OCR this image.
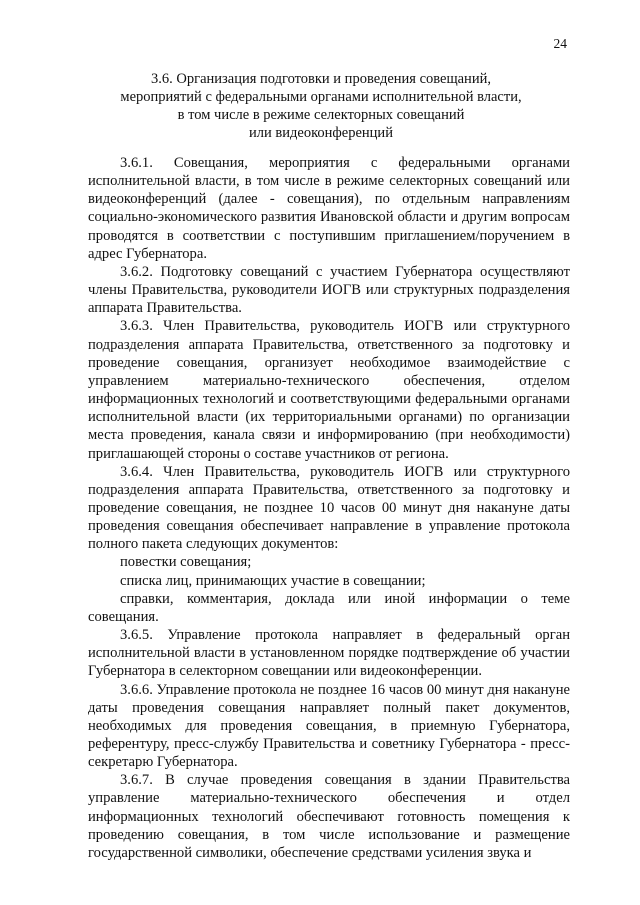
24
3.6. Организация подготовки и проведения совещаний,
мероприятий с федеральными органами исполнительной власти,
в том числе в режиме селекторных совещаний
или видеоконференций

3.6.1. Совещания, мероприятия с федеральными органами исполнительной власти, в том числе в режиме селекторных совещаний или видеоконференций (далее - совещания), по отдельным направлениям социально-экономического развития Ивановской области и другим вопросам проводятся в соответствии с поступившим приглашением/поручением в адрес Губернатора.

3.6.2. Подготовку совещаний с участием Губернатора осуществляют члены Правительства, руководители ИОГВ или структурных подразделения аппарата Правительства.

3.6.3. Член Правительства, руководитель ИОГВ или структурного подразделения аппарата Правительства, ответственного за подготовку и проведение совещания, организует необходимое взаимодействие с управлением материально-технического обеспечения, отделом информационных технологий и соответствующими федеральными органами исполнительной власти (их территориальными органами) по организации места проведения, канала связи и информированию (при необходимости) приглашающей стороны о составе участников от региона.

3.6.4. Член Правительства, руководитель ИОГВ или структурного подразделения аппарата Правительства, ответственного за подготовку и проведение совещания, не позднее 10 часов 00 минут дня накануне даты проведения совещания обеспечивает направление в управление протокола полного пакета следующих документов:

повестки совещания;

списка лиц, принимающих участие в совещании;

справки, комментария, доклада или иной информации о теме совещания.

3.6.5. Управление протокола направляет в федеральный орган исполнительной власти в установленном порядке подтверждение об участии Губернатора в селекторном совещании или видеоконференции.

3.6.6. Управление протокола не позднее 16 часов 00 минут дня накануне даты проведения совещания направляет полный пакет документов, необходимых для проведения совещания, в приемную Губернатора, референтуру, пресс-службу Правительства и советнику Губернатора - пресс-секретарю Губернатора.

3.6.7. В случае проведения совещания в здании Правительства управление материально-технического обеспечения и отдел информационных технологий обеспечивают готовность помещения к проведению совещания, в том числе использование и размещение государственной символики, обеспечение средствами усиления звука и
